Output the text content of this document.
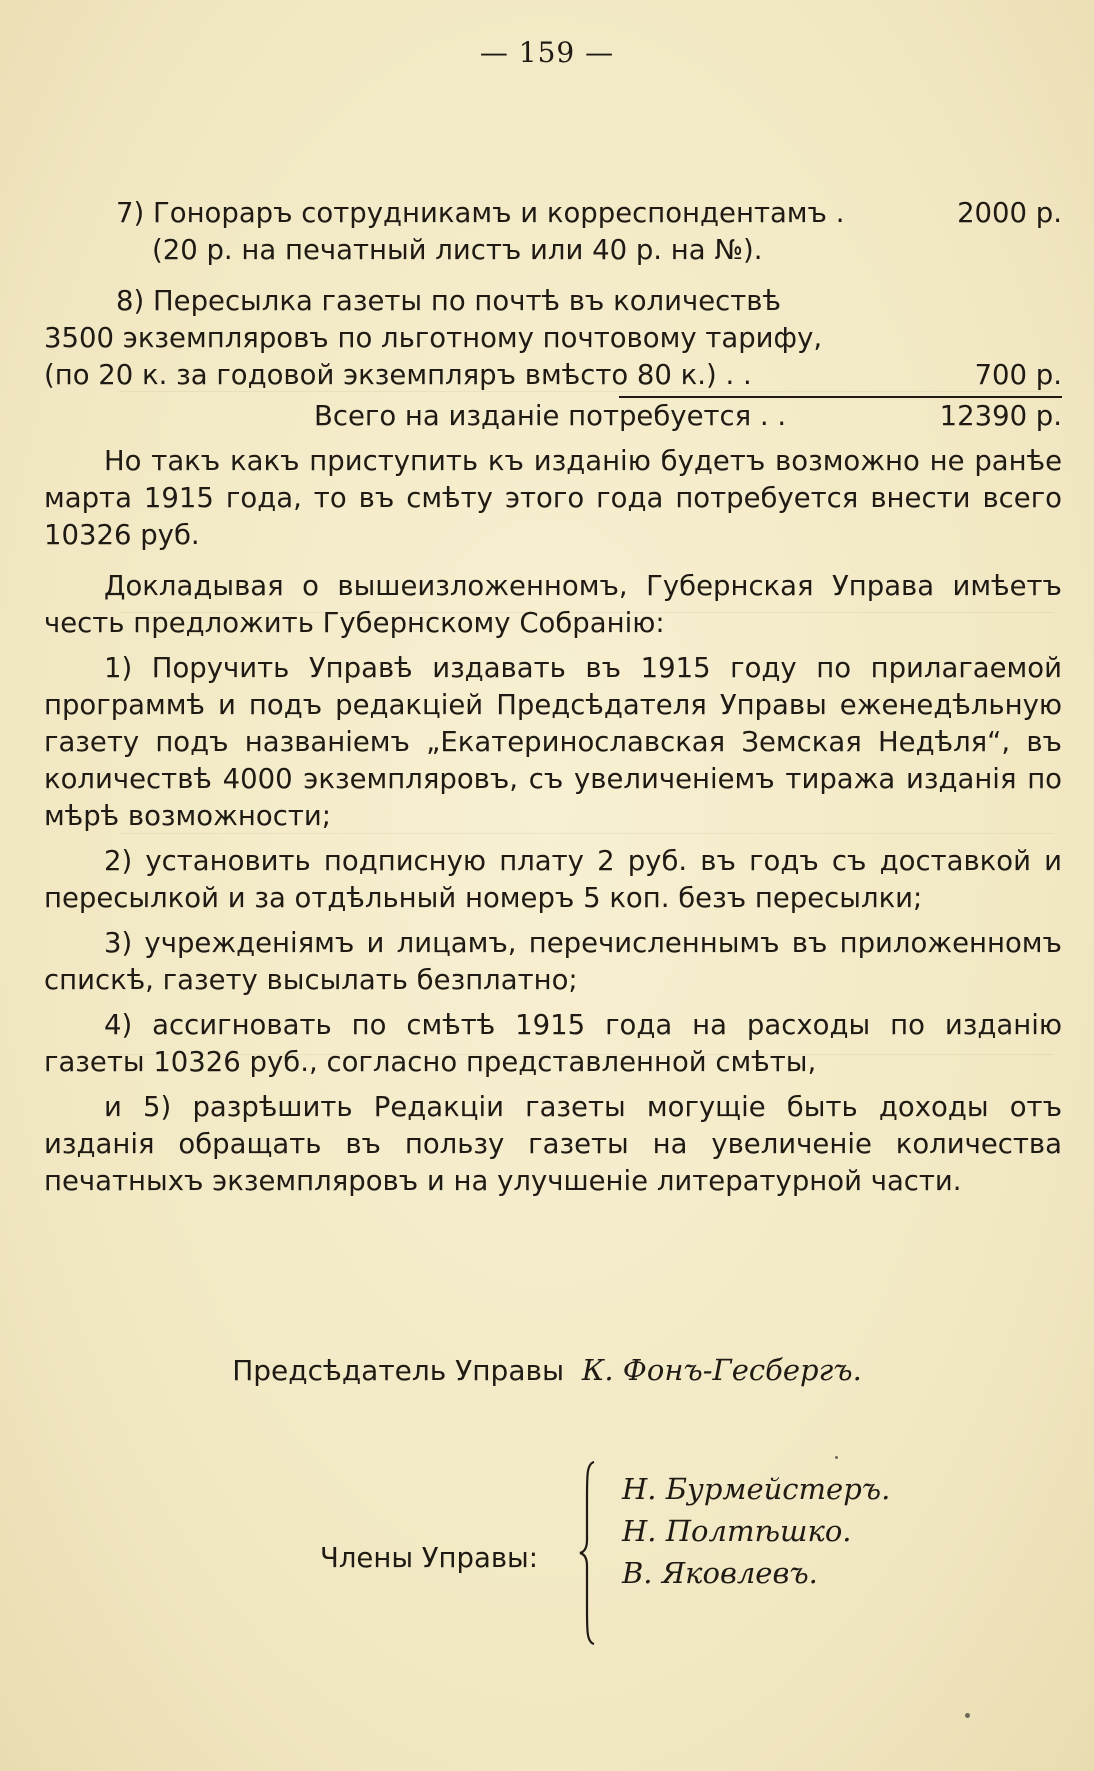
— 159 —
7) Гонораръ сотрудникамъ и корреспондентамъ .	2000 р.
(20 р. на печатный листъ или 40 р. на №).
8) Пересылка газеты по почтѣ въ количествѣ
3500 экземпляровъ по льготному почтовому тарифу,
(по 20 к. за годовой экземпляръ вмѣсто 80 к.) . .	700 р.
Всего на изданіе потребуется . .	12390 р.

Но такъ какъ приступить къ изданію будетъ возможно не ранѣе марта 1915 года, то въ смѣту этого года потребуется внести всего 10326 руб.

Докладывая о вышеизложенномъ, Губернская Управа имѣетъ честь предложить Губернскому Собранію:

1) Поручить Управѣ издавать въ 1915 году по прилагаемой программѣ и подъ редакціей Предсѣдателя Управы еженедѣльную газету подъ названіемъ „Екатеринославская Земская Недѣля“, въ количествѣ 4000 экземпляровъ, съ увеличеніемъ тиража изданія по мѣрѣ возможности;

2) установить подписную плату 2 руб. въ годъ съ доставкой и пересылкой и за отдѣльный номеръ 5 коп. безъ пересылки;

3) учрежденіямъ и лицамъ, перечисленнымъ въ приложенномъ спискѣ, газету высылать безплатно;

4) ассигновать по смѣтѣ 1915 года на расходы по изданію газеты 10326 руб., согласно представленной смѣты,

и 5) разрѣшить Редакціи газеты могущіе быть доходы отъ изданія обращать въ пользу газеты на увеличеніе количества печатныхъ экземпляровъ и на улучшеніе литературной части.

Предсѣдатель Управы К. Фонъ-Гесбергъ.
Члены Управы:
Н. Бурмейстеръ.
Н. Полтѣшко.
В. Яковлевъ.
